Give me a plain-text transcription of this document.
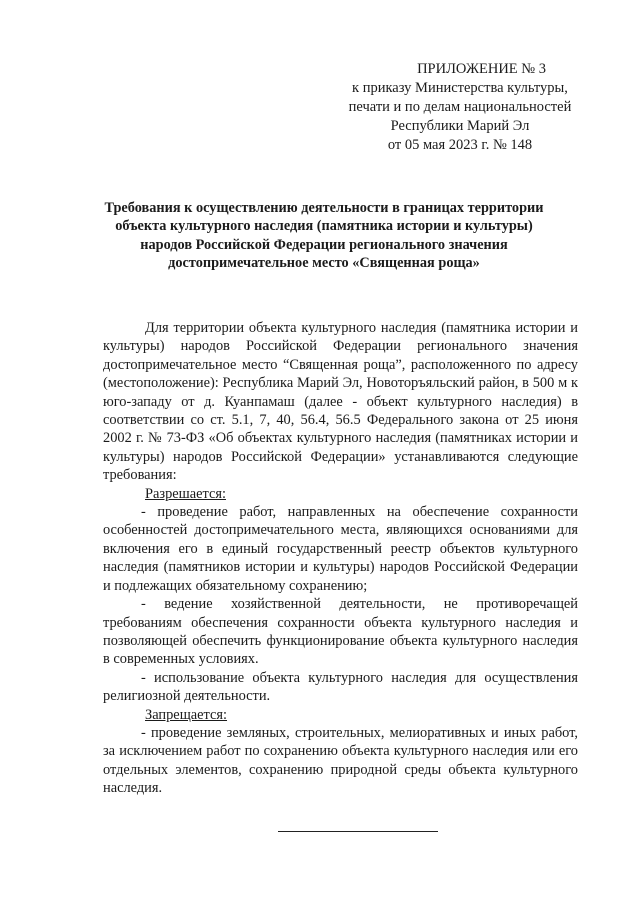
ПРИЛОЖЕНИЕ № 3
к приказу Министерства культуры,
печати и по делам национальностей
Республики Марий Эл
от 05 мая 2023 г. № 148
Требования к осуществлению деятельности в границах территории
объекта культурного наследия (памятника истории и культуры)
народов Российской Федерации регионального значения
достопримечательное место «Священная роща»
Для территории объекта культурного наследия (памятника истории и культуры) народов Российской Федерации регионального значения достопримечательное место “Священная роща”, расположенного по адресу (местоположение): Республика Марий Эл, Новоторъяльский район, в 500 м к юго-западу от д. Куанпамаш (далее - объект культурного наследия) в соответствии со ст. 5.1, 7, 40, 56.4, 56.5 Федерального закона от 25 июня 2002 г. № 73-ФЗ «Об объектах культурного наследия (памятниках истории и культуры) народов Российской Федерации» устанавливаются следующие требования:
Разрешается:
- проведение работ, направленных на обеспечение сохранности особенностей достопримечательного места, являющихся основаниями для включения его в единый государственный реестр объектов культурного наследия (памятников истории и культуры) народов Российской Федерации и подлежащих обязательному сохранению;
- ведение хозяйственной деятельности, не противоречащей требованиям обеспечения сохранности объекта культурного наследия и позволяющей обеспечить функционирование объекта культурного наследия в современных условиях.
- использование объекта культурного наследия для осуществления религиозной деятельности.
Запрещается:
- проведение земляных, строительных, мелиоративных и иных работ, за исключением работ по сохранению объекта культурного наследия или его отдельных элементов, сохранению природной среды объекта культурного наследия.
